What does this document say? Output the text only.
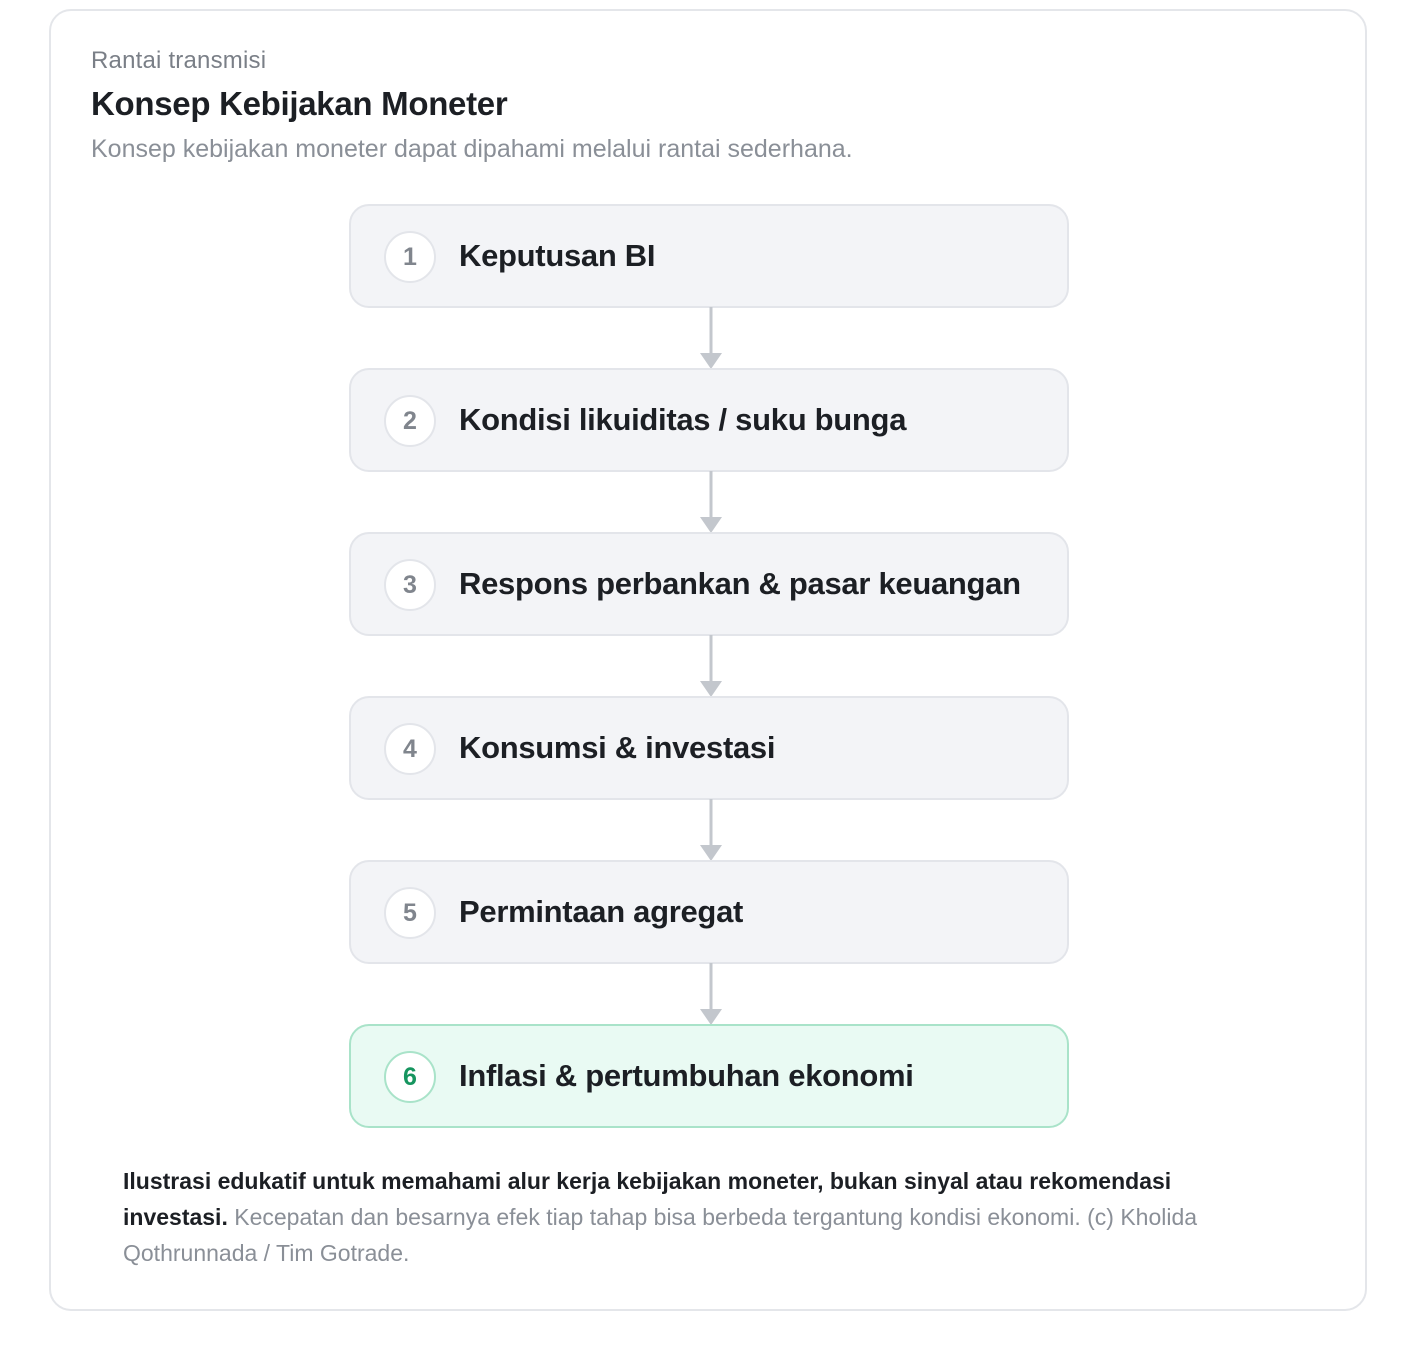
Rantai transmisi
Konsep Kebijakan Moneter
Konsep kebijakan moneter dapat dipahami melalui rantai sederhana.
1	Keputusan BI
2	Kondisi likuiditas / suku bunga
3	Respons perbankan & pasar keuangan
4	Konsumsi & investasi
5	Permintaan agregat
6	Inflasi & pertumbuhan ekonomi

Ilustrasi edukatif untuk memahami alur kerja kebijakan moneter, bukan sinyal atau rekomendasi investasi. Kecepatan dan besarnya efek tiap tahap bisa berbeda tergantung kondisi ekonomi. (c) Kholida Qothrunnada / Tim Gotrade.
